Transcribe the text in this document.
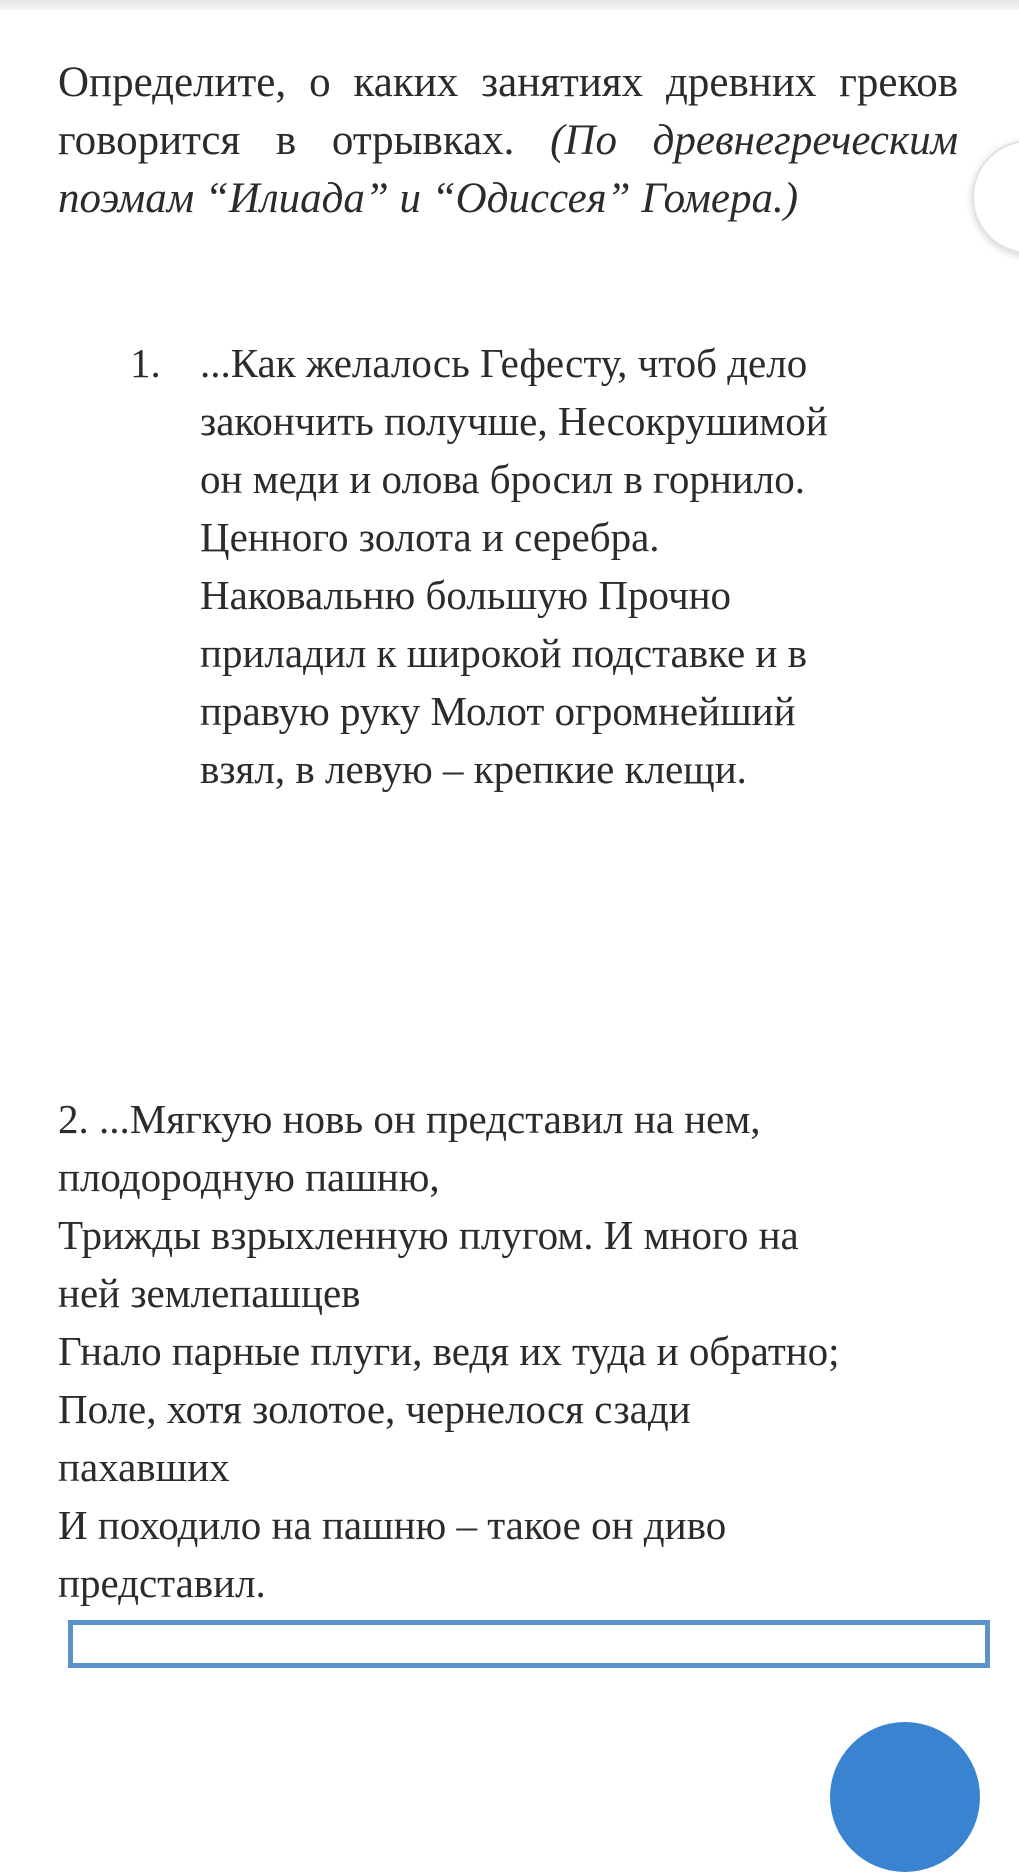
Определите, о каких занятиях древних греков говорится в отрывках. (По древнегреческим поэмам “Илиада” и “Одиссея” Гомера.)

1. ...Как желалось Гефесту, чтоб дело
закончить получше, Несокрушимой
он меди и олова бросил в горнило.
Ценного золота и серебра.
Наковальню большую Прочно
приладил к широкой подставке и в
правую руку Молот огромнейший
взял, в левую – крепкие клещи.
2. ...Мягкую новь он представил на нем,
плодородную пашню,
Трижды взрыхленную плугом. И много на
ней землепашцев
Гнало парные плуги, ведя их туда и обратно;
Поле, хотя золотое, чернелося сзади
пахавших
И походило на пашню – такое он диво
представил.
